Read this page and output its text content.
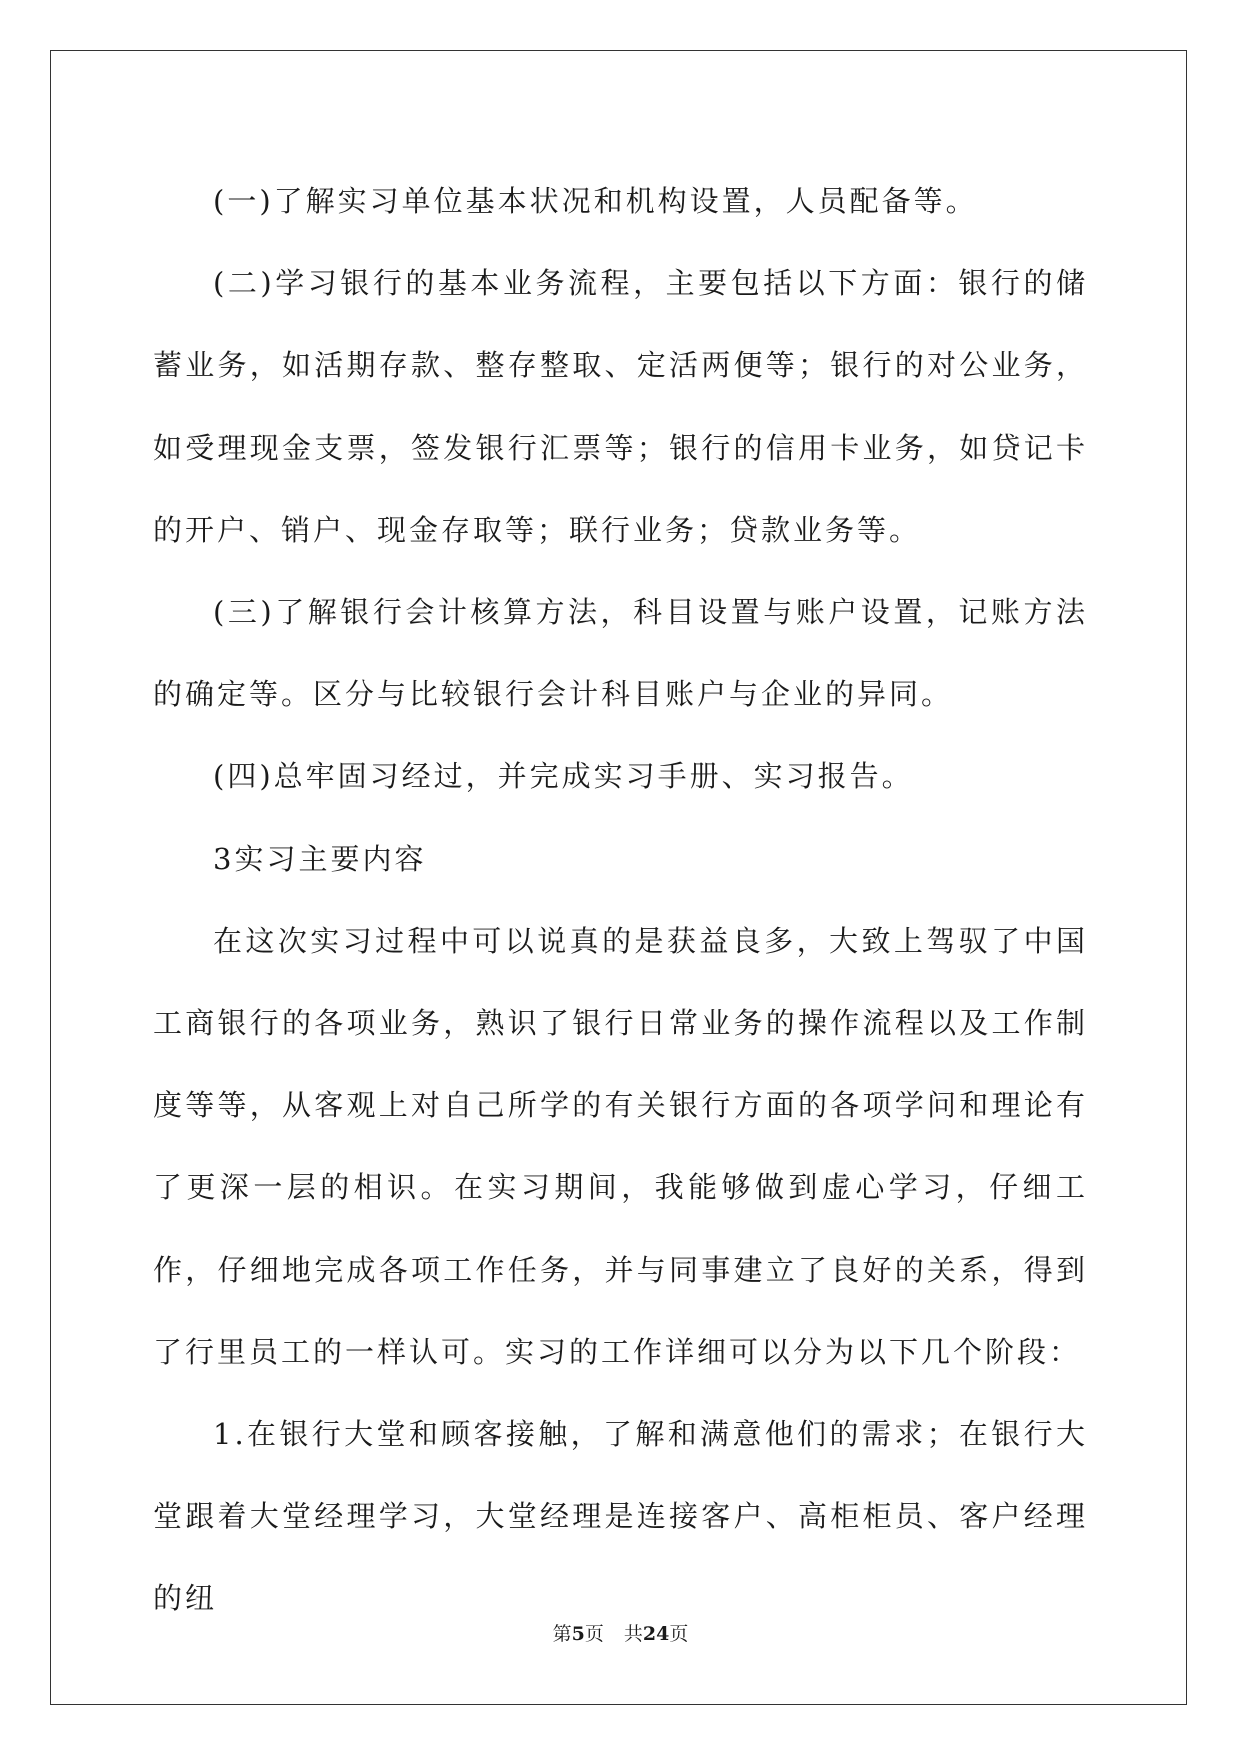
(一)了解实习单位基本状况和机构设置，人员配备等。

(二)学习银行的基本业务流程，主要包括以下方面：银行的储蓄业务，如活期存款、整存整取、定活两便等；银行的对公业务，如受理现金支票，签发银行汇票等；银行的信用卡业务，如贷记卡的开户、销户、现金存取等；联行业务；贷款业务等。

(三)了解银行会计核算方法，科目设置与账户设置，记账方法的确定等。区分与比较银行会计科目账户与企业的异同。

(四)总牢固习经过，并完成实习手册、实习报告。

3实习主要内容

在这次实习过程中可以说真的是获益良多，大致上驾驭了中国工商银行的各项业务，熟识了银行日常业务的操作流程以及工作制度等等，从客观上对自己所学的有关银行方面的各项学问和理论有了更深一层的相识。在实习期间，我能够做到虚心学习，仔细工作，仔细地完成各项工作任务，并与同事建立了良好的关系，得到了行里员工的一样认可。实习的工作详细可以分为以下几个阶段：

1.在银行大堂和顾客接触，了解和满意他们的需求；在银行大堂跟着大堂经理学习，大堂经理是连接客户、高柜柜员、客户经理的纽

第5页 共24页
